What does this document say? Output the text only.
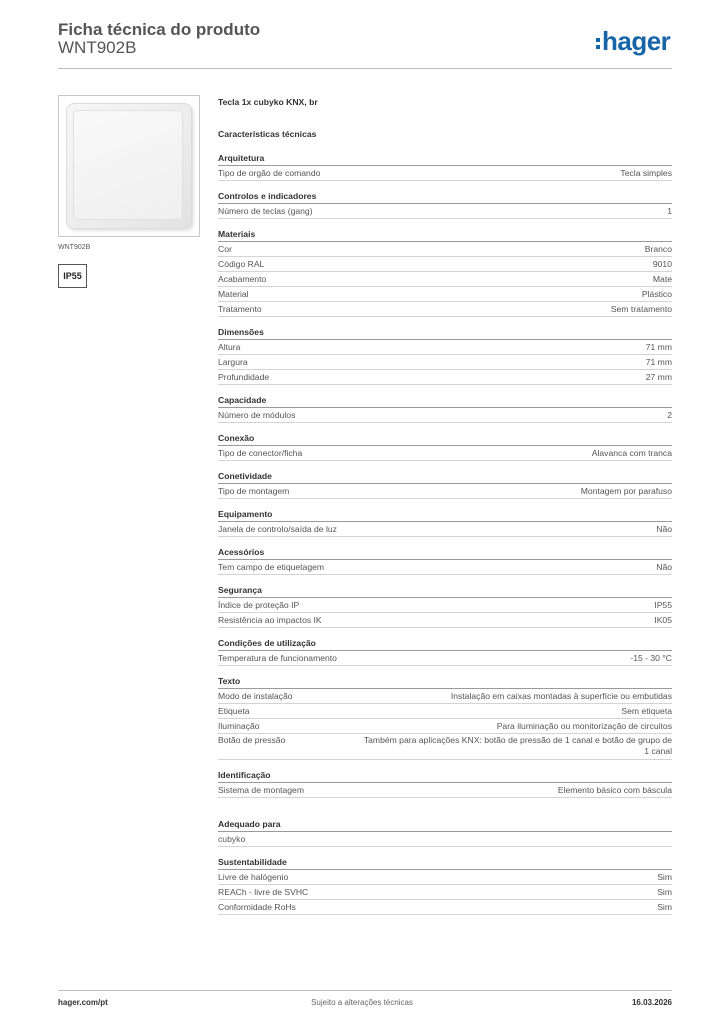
Ficha técnica do produto
WNT902B	hager
WNT902B
IP55
Tecla 1x cubyko KNX, br
Características técnicas
Arquitetura
Tipo de orgão de comando	Tecla simples
Controlos e indicadores
Número de teclas (gang)	1
Materiais
Cor	Branco
Código RAL	9010
Acabamento	Mate
Material	Plástico
Tratamento	Sem tratamento
Dimensões
Altura	71 mm
Largura	71 mm
Profundidade	27 mm
Capacidade
Número de módulos	2
Conexão
Tipo de conector/ficha	Alavanca com tranca
Conetividade
Tipo de montagem	Montagem por parafuso
Equipamento
Janela de controlo/saída de luz	Não
Acessórios
Tem campo de etiquetagem	Não
Segurança
Índice de proteção IP	IP55
Resistência ao impactos IK	IK05
Condições de utilização
Temperatura de funcionamento	-15 - 30 °C
Texto
Modo de instalação	Instalação em caixas montadas à superfície ou embutidas
Etiqueta	Sem etiqueta
Iluminação	Para iluminação ou monitorização de circuitos
Botão de pressão	Também para aplicações KNX: botão de pressão de 1 canal e botão de grupo de 1 canal
Identificação
Sistema de montagem	Elemento básico com báscula
Adequado para
cubyko
Sustentabilidade
Livre de halógenio	Sim
REACh - livre de SVHC	Sim
Conformidade RoHs	Sim
hager.com/pt	Sujeito a alterações técnicas	16.03.2026
